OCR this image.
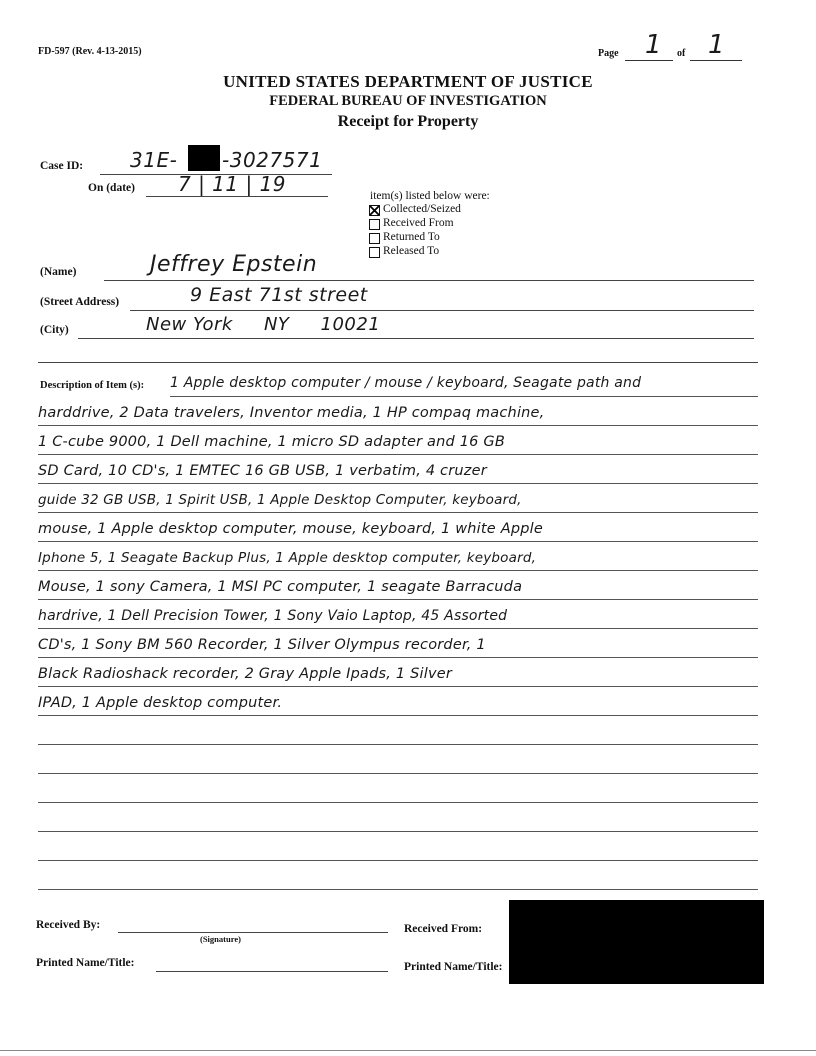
FD-597 (Rev. 4-13-2015)	Page 1 of 1
UNITED STATES DEPARTMENT OF JUSTICE
FEDERAL BUREAU OF INVESTIGATION
Receipt for Property
Case ID: 31E- -3027571
On (date) 7 | 11 | 19	item(s) listed below were:
Collected/Seized
Received From
Returned To
Released To
(Name)	Jeffrey Epstein
(Street Address)	9 East 71st street
(City)	New York     NY     10021
Description of Item (s): 1 Apple desktop computer / mouse / keyboard, Seagate path and
harddrive, 2 Data travelers, Inventor media, 1 HP compaq machine,
1 C-cube 9000, 1 Dell machine, 1 micro SD adapter and 16 GB
SD Card, 10 CD's, 1 EMTEC 16 GB USB, 1 verbatim, 4 cruzer
guide 32 GB USB, 1 Spirit USB, 1 Apple Desktop Computer, keyboard,
mouse, 1 Apple desktop computer, mouse, keyboard, 1 white Apple
Iphone 5, 1 Seagate Backup Plus, 1 Apple desktop computer, keyboard,
Mouse, 1 sony Camera, 1 MSI PC computer, 1 seagate Barracuda
hardrive, 1 Dell Precision Tower, 1 Sony Vaio Laptop, 45 Assorted
CD's, 1 Sony BM 560 Recorder, 1 Silver Olympus recorder, 1
Black Radioshack recorder, 2 Gray Apple Ipads, 1 Silver
IPAD, 1 Apple desktop computer.
Received By:
(Signature)
Received From:
Printed Name/Title:	Printed Name/Title:
